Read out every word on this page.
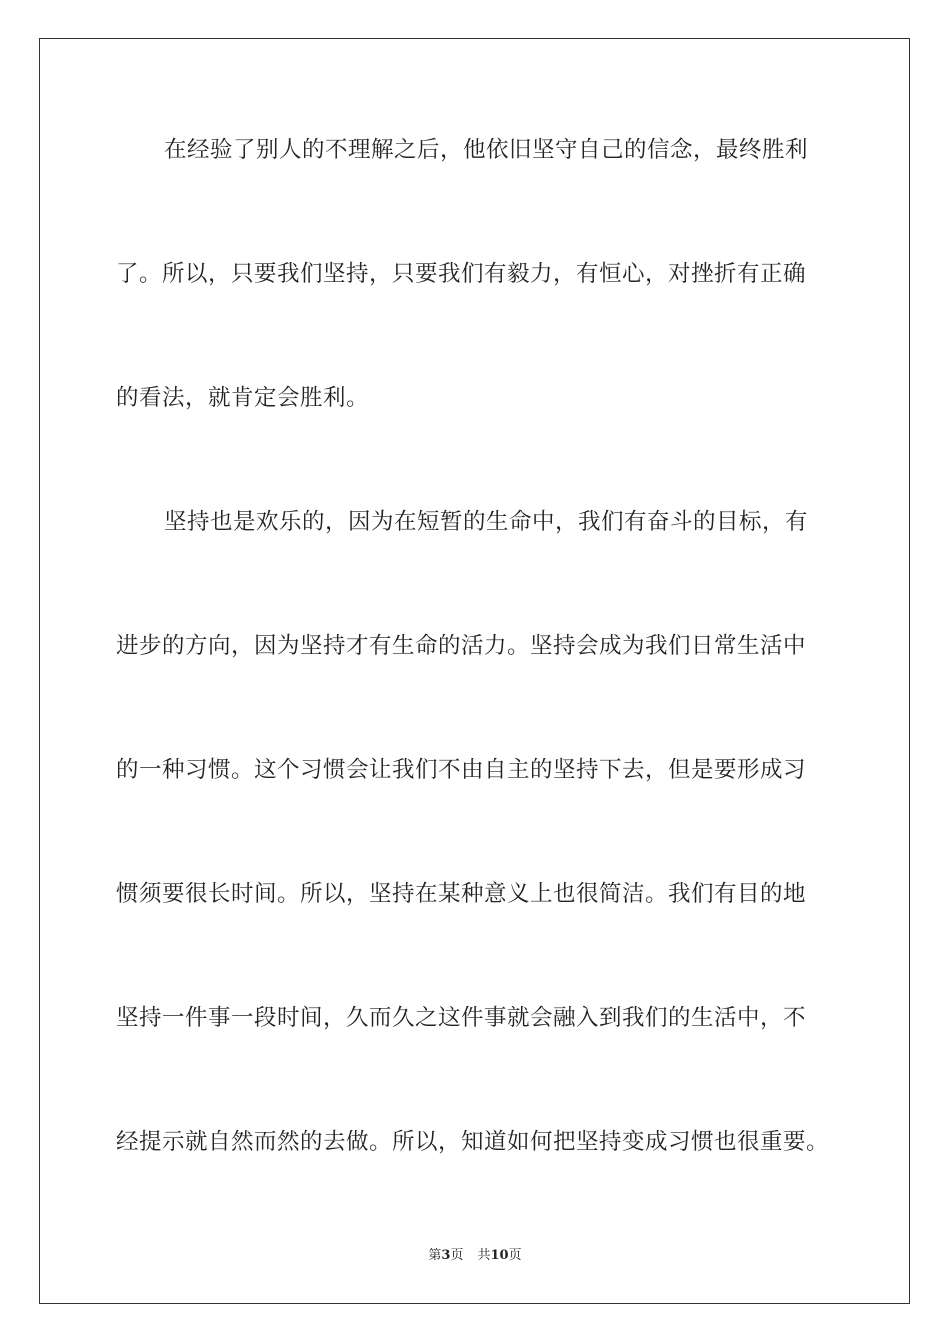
在经验了别人的不理解之后，他依旧坚守自己的信念，最终胜利
了。所以，只要我们坚持，只要我们有毅力，有恒心，对挫折有正确
的看法，就肯定会胜利。
坚持也是欢乐的，因为在短暂的生命中，我们有奋斗的目标，有
进步的方向，因为坚持才有生命的活力。坚持会成为我们日常生活中
的一种习惯。这个习惯会让我们不由自主的坚持下去，但是要形成习
惯须要很长时间。所以，坚持在某种意义上也很简洁。我们有目的地
坚持一件事一段时间，久而久之这件事就会融入到我们的生活中，不
经提示就自然而然的去做。所以，知道如何把坚持变成习惯也很重要。
第3页 共10页
